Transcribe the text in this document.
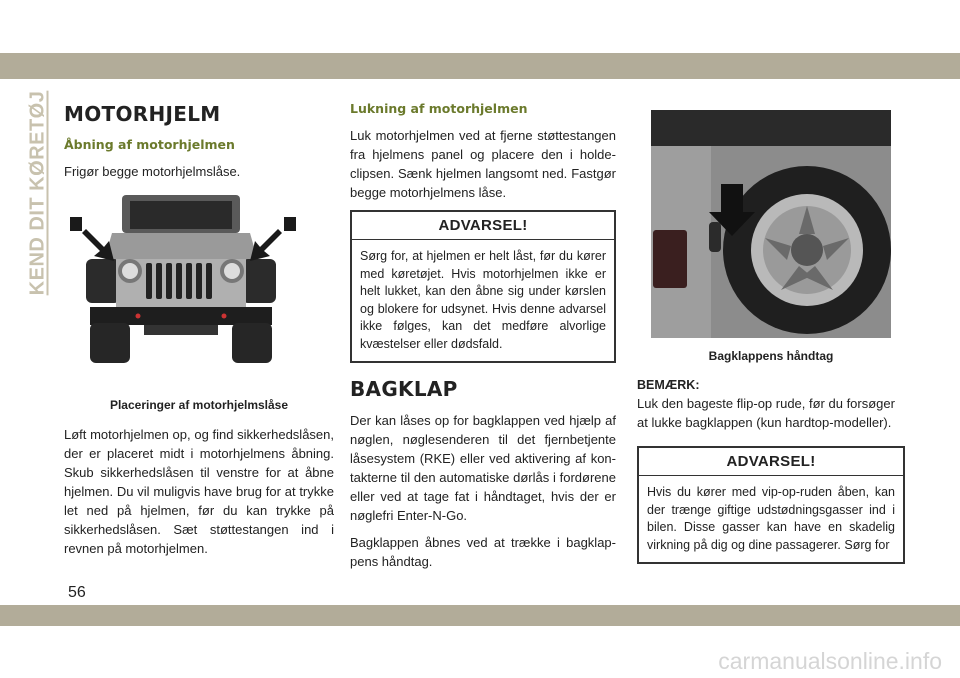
KEND DIT KØRETØJ MOTORHJELM
Åbning af motorhjelmen

Frigør begge motorhjelmslåse.

Placeringer af motorhjelmslåse

Løft motorhjelmen op, og find sikkerhedslåsen, der er placeret midt i motorhjelmens åbning. Skub sikkerhedslåsen til venstre for at åbne hjelmen. Du vil muligvis have brug for at trykke let ned på hjelmen, før du kan trykke på sikkerhedslåsen. Sæt støttestangen ind i revnen på motorhjelmen.

Lukning af motorhjelmen

Luk motorhjelmen ved at fjerne støttestangen fra hjelmens panel og placere den i holdeclipsen. Sænk hjelmen langsomt ned. Fastgør begge motorhjelmens låse.

ADVARSEL!
Sørg for, at hjelmen er helt låst, før du kører med køretøjet. Hvis motorhjelmen ikke er helt lukket, kan den åbne sig under kørslen og blokere for udsynet. Hvis denne advarsel ikke følges, kan det medføre alvorlige kvæstelser eller dødsfald.
BAGKLAP

Der kan låses op for bagklappen ved hjælp af nøglen, nøglesenderen til det fjernbetjente låsesystem (RKE) eller ved aktivering af kontakterne til den automatiske dørlås i fordørene eller ved at tage fat i håndtaget, hvis der er nøglefri Enter-N-Go.

Bagklappen åbnes ved at trække i bagklappens håndtag.

Bagklappens håndtag
BEMÆRK:

Luk den bageste flip-op rude, før du forsøger at lukke bagklappen (kun hardtop-modeller).

ADVARSEL!
Hvis du kører med vip-op-ruden åben, kan der trænge giftige udstødningsgasser ind i bilen. Disse gasser kan have en skadelig virkning på dig og dine passagerer. Sørg for
56
carmanualsonline.info
